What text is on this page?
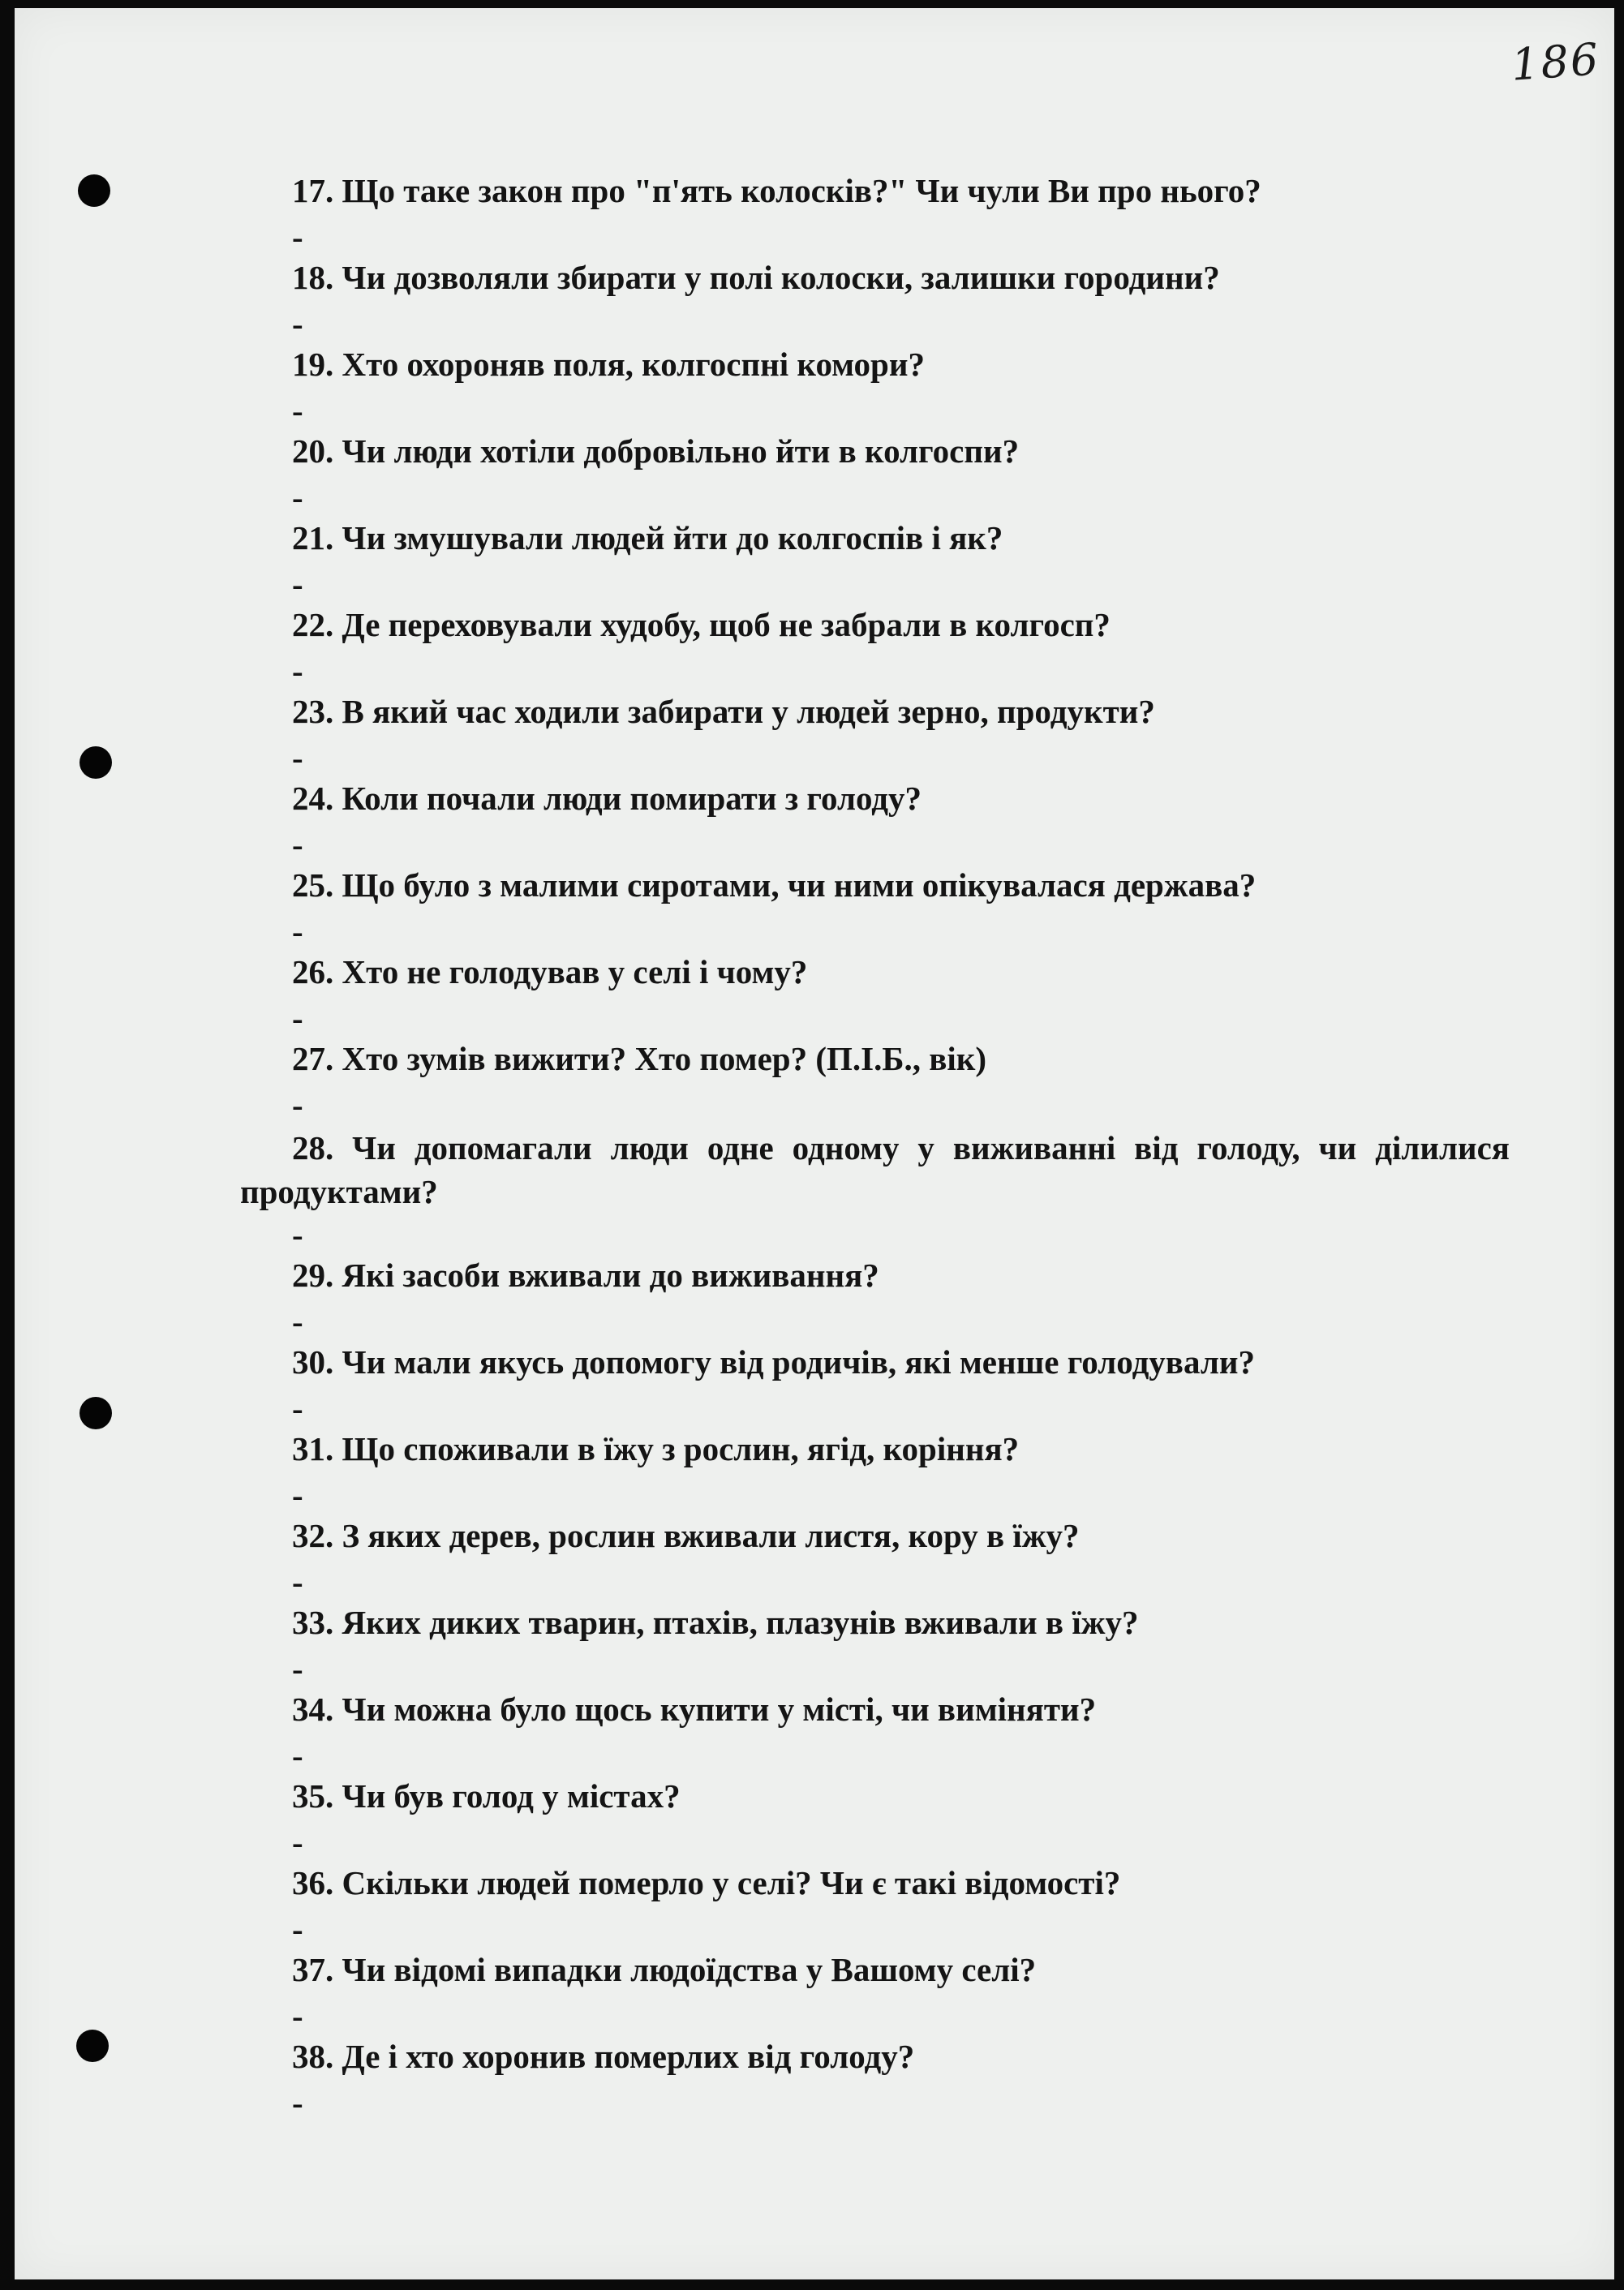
186
17. Що таке закон про "п'ять колосків?" Чи чули Ви про нього?
-
18. Чи дозволяли збирати у полі колоски, залишки городини?
-
19. Хто охороняв поля, колгоспні комори?
-
20. Чи люди хотіли добровільно йти в колгоспи?
-
21. Чи змушували людей йти до колгоспів і як?
-
22. Де переховували худобу, щоб не забрали в колгосп?
-
23. В який час ходили забирати у людей зерно, продукти?
-
24. Коли почали люди помирати з голоду?
-
25. Що було з малими сиротами, чи ними опікувалася держава?
-
26. Хто не голодував у селі і чому?
-
27. Хто зумів вижити? Хто помер? (П.І.Б., вік)
-
28. Чи допомагали люди одне одному у виживанні від голоду, чи ділилися продуктами?
-
29. Які засоби вживали до виживання?
-
30. Чи мали якусь допомогу від родичів, які менше голодували?
-
31. Що споживали в їжу з рослин, ягід, коріння?
-
32. З яких дерев, рослин вживали листя, кору в їжу?
-
33. Яких диких тварин, птахів, плазунів вживали в їжу?
-
34. Чи можна було щось купити у місті, чи виміняти?
-
35. Чи був голод у містах?
-
36. Скільки людей померло у селі? Чи є такі відомості?
-
37. Чи відомі випадки людоїдства у Вашому селі?
-
38. Де і хто хоронив померлих від голоду?
-
